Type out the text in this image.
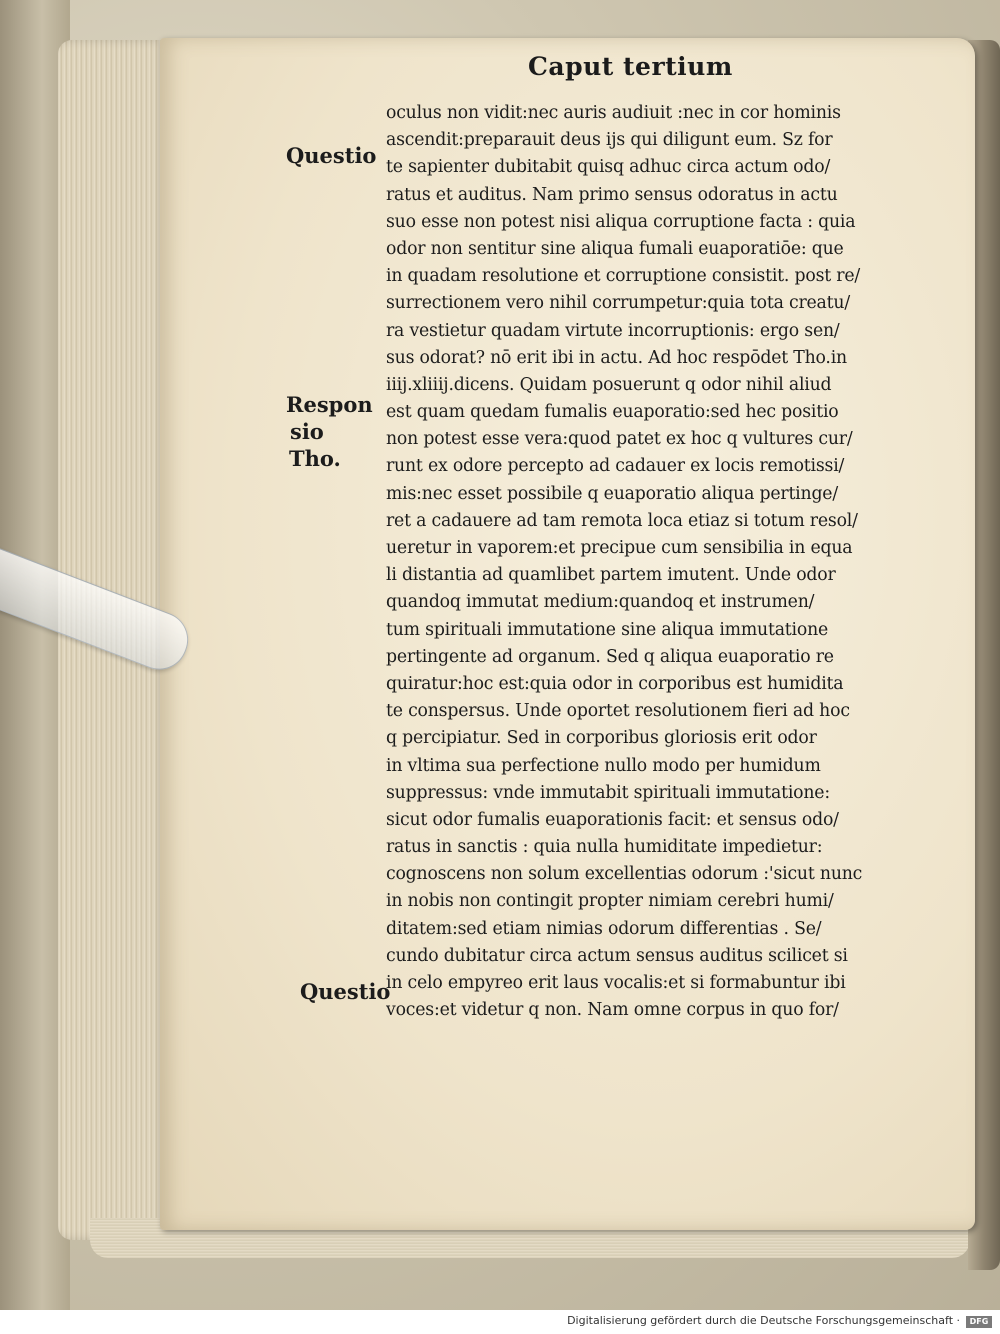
Caput tertium
Questio
Respon
sio
Tho.
Questio
oculus non vidit:nec auris audiuit :nec in cor hominis
ascendit:preparauit deus ijs qui diligunt eum. Sz for
te sapienter dubitabit quisq adhuc circa actum odo/
ratus et auditus. Nam primo sensus odoratus in actu
suo esse non potest nisi aliqua corruptione facta : quia
odor non sentitur sine aliqua fumali euaporatiōe: que
in quadam resolutione et corruptione consistit. post re/
surrectionem vero nihil corrumpetur:quia tota creatu/
ra vestietur quadam virtute incorruptionis: ergo sen/
sus odorat? nō erit ibi in actu. Ad hoc respōdet Tho.in
iiij.xliiij.dicens. Quidam posuerunt q odor nihil aliud
est quam quedam fumalis euaporatio:sed hec positio
non potest esse vera:quod patet ex hoc q vultures cur/
runt ex odore percepto ad cadauer ex locis remotissi/
mis:nec esset possibile q euaporatio aliqua pertinge/
ret a cadauere ad tam remota loca etiaz si totum resol/
ueretur in vaporem:et precipue cum sensibilia in equa
li distantia ad quamlibet partem imutent. Unde odor
quandoq immutat medium:quandoq et instrumen/
tum spirituali immutatione sine aliqua immutatione
pertingente ad organum. Sed q aliqua euaporatio re
quiratur:hoc est:quia odor in corporibus est humidita
te conspersus. Unde oportet resolutionem fieri ad hoc
q percipiatur. Sed in corporibus gloriosis erit odor
in vltima sua perfectione nullo modo per humidum
suppressus: vnde immutabit spirituali immutatione:
sicut odor fumalis euaporationis facit: et sensus odo/
ratus in sanctis : quia nulla humiditate impedietur:
cognoscens non solum excellentias odorum :'sicut nunc
in nobis non contingit propter nimiam cerebri humi/
ditatem:sed etiam nimias odorum differentias . Se/
cundo dubitatur circa actum sensus auditus scilicet si
in celo empyreo erit laus vocalis:et si formabuntur ibi
voces:et videtur q non. Nam omne corpus in quo for/
Digitalisierung gefördert durch die Deutsche Forschungsgemeinschaft ·	DFG
